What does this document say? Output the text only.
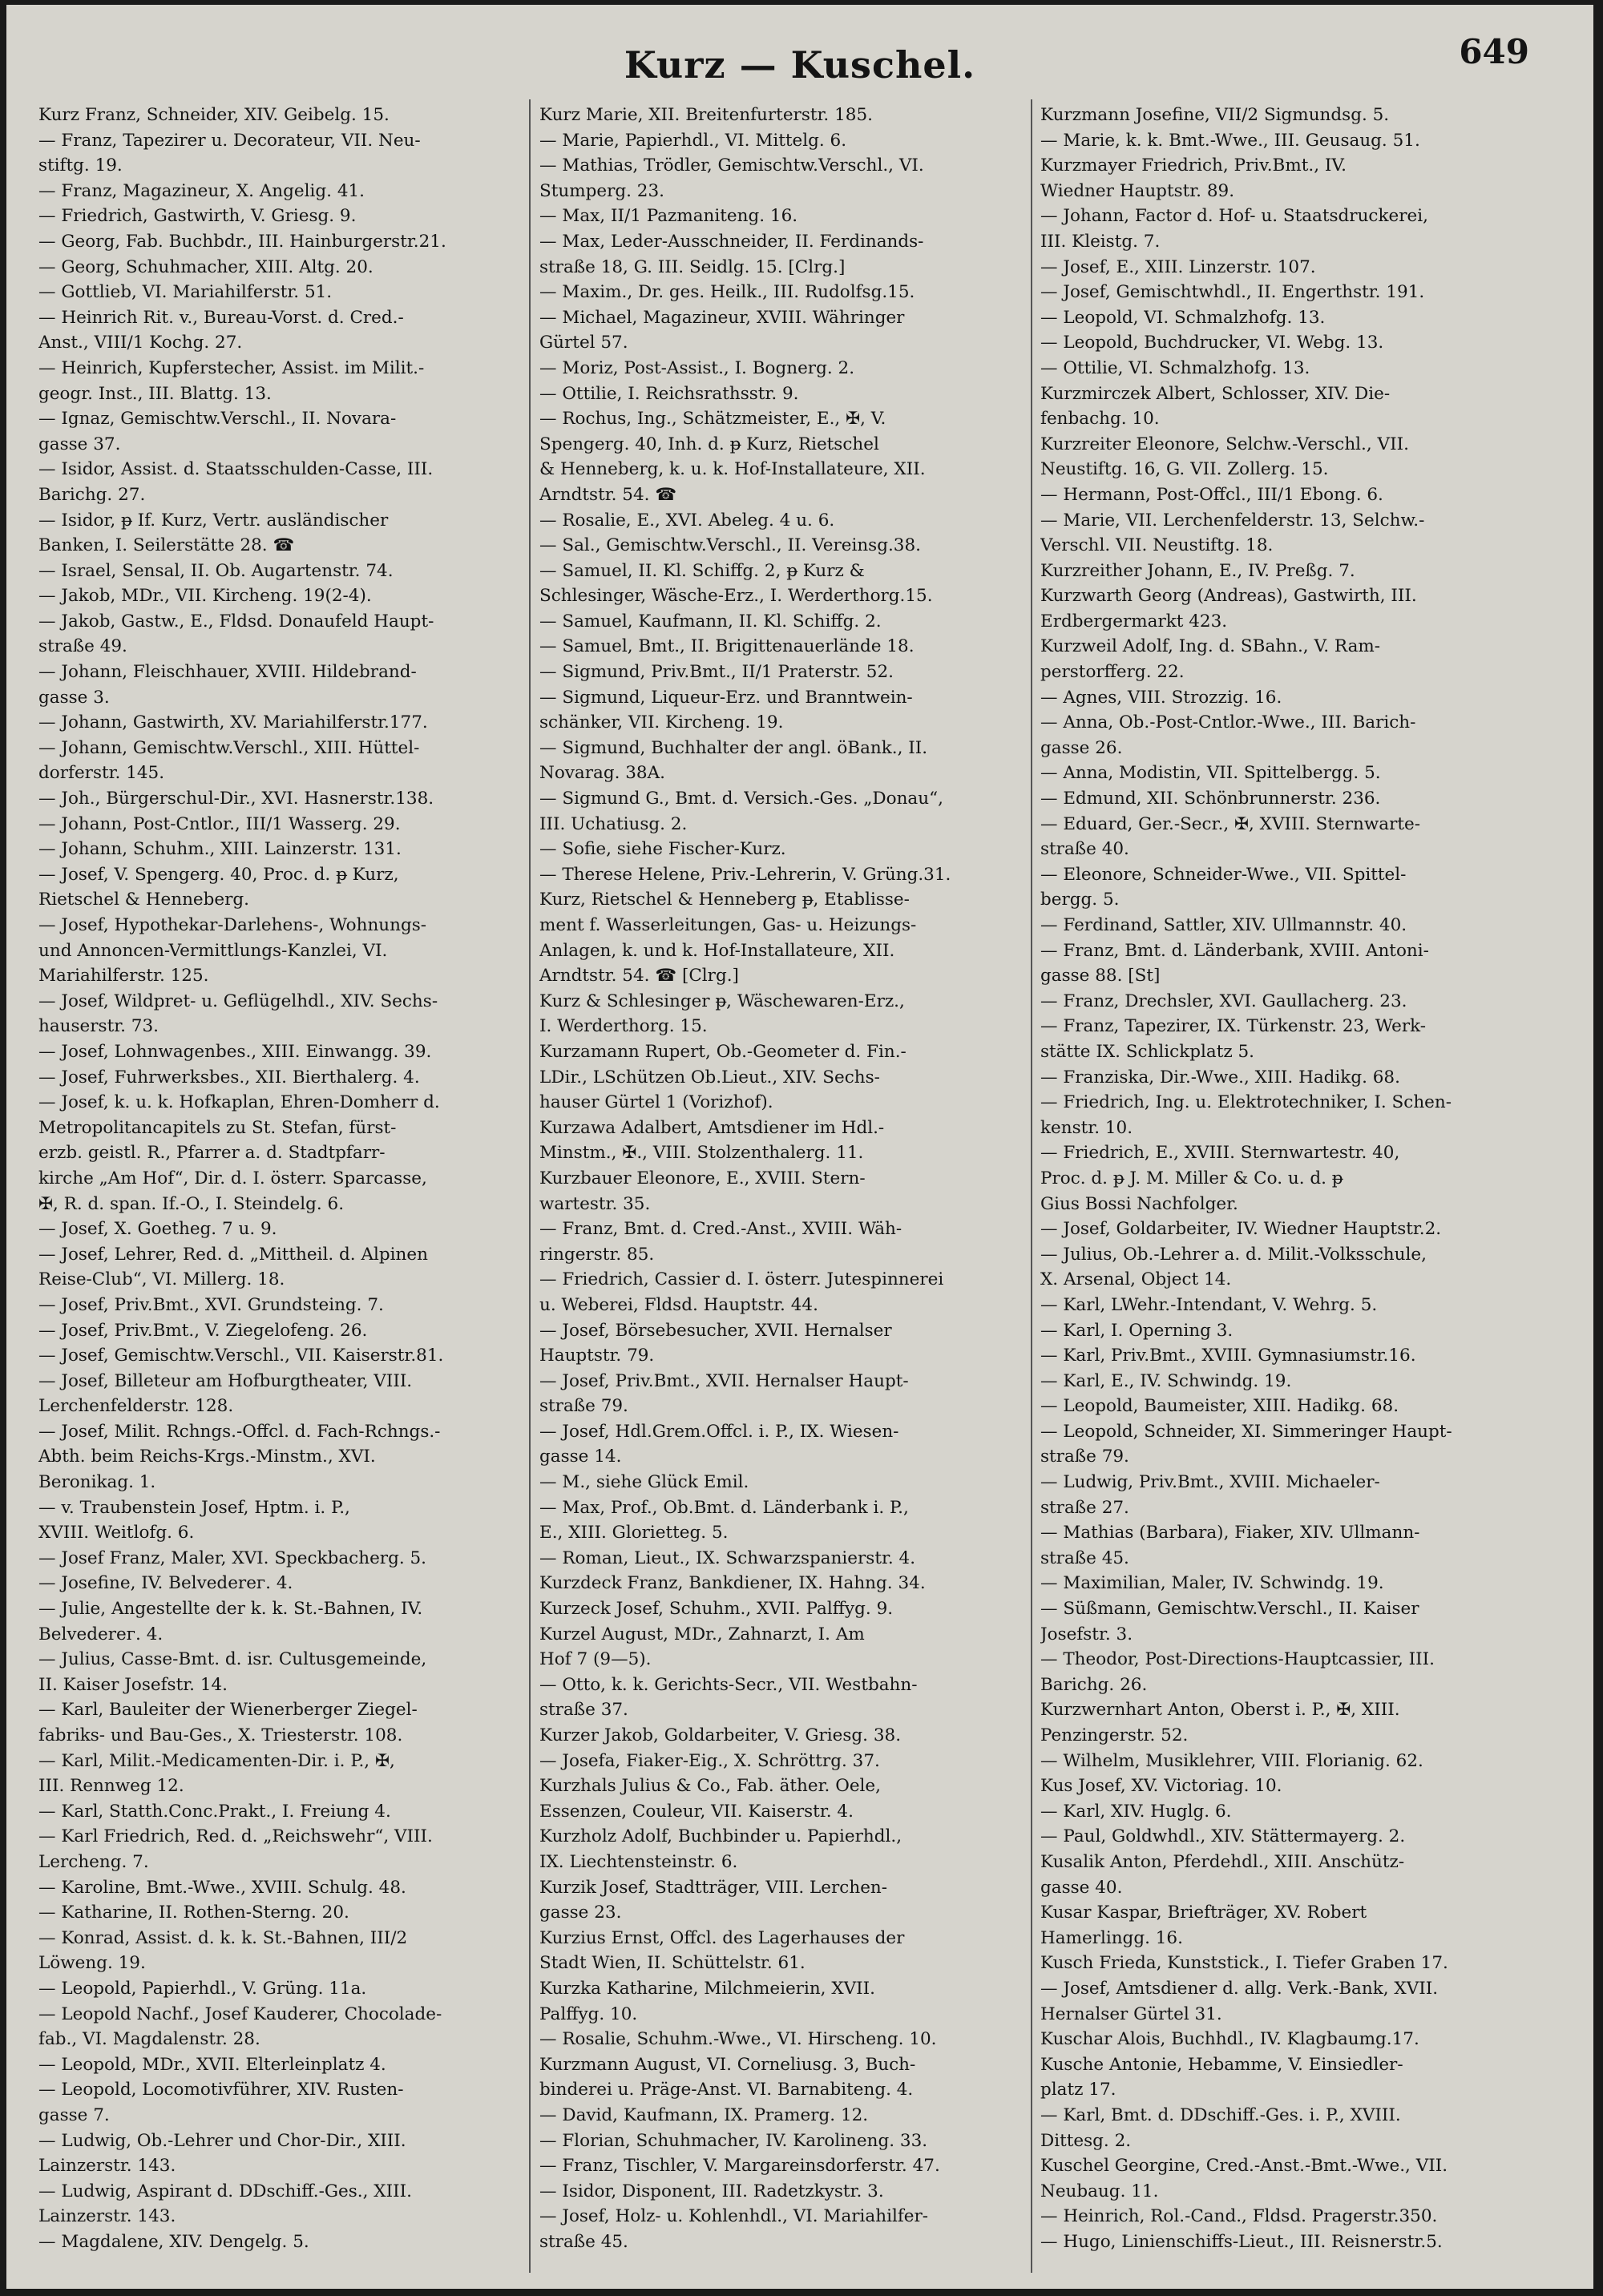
Kurz — Kuschel.	649
Kurz Franz, Schneider, XIV. Geibelg. 15.
— Franz, Tapezirer u. Decorateur, VII. Neu-
stiftg. 19.
— Franz, Magazineur, X. Angelig. 41.
— Friedrich, Gastwirth, V. Griesg. 9.
— Georg, Fab. Buchbdr., III. Hainburgerstr.21.
— Georg, Schuhmacher, XIII. Altg. 20.
— Gottlieb, VI. Mariahilferstr. 51.
— Heinrich Rit. v., Bureau-Vorst. d. Cred.-
Anst., VIII/1 Kochg. 27.
— Heinrich, Kupferstecher, Assist. im Milit.-
geogr. Inst., III. Blattg. 13.
— Ignaz, Gemischtw.Verschl., II. Novara-
gasse 37.
— Isidor, Assist. d. Staatsschulden-Casse, III.
Barichg. 27.
— Isidor, ᵽ If. Kurz, Vertr. ausländischer
Banken, I. Seilerstätte 28. ☎
— Israel, Sensal, II. Ob. Augartenstr. 74.
— Jakob, MDr., VII. Kircheng. 19(2-4).
— Jakob, Gastw., E., Fldsd. Donaufeld Haupt-
straße 49.
— Johann, Fleischhauer, XVIII. Hildebrand-
gasse 3.
— Johann, Gastwirth, XV. Mariahilferstr.177.
— Johann, Gemischtw.Verschl., XIII. Hüttel-
dorferstr. 145.
— Joh., Bürgerschul-Dir., XVI. Hasnerstr.138.
— Johann, Post-Cntlor., III/1 Wasserg. 29.
— Johann, Schuhm., XIII. Lainzerstr. 131.
— Josef, V. Spengerg. 40, Proc. d. ᵽ Kurz,
Rietschel & Henneberg.
— Josef, Hypothekar-Darlehens-, Wohnungs-
und Annoncen-Vermittlungs-Kanzlei, VI.
Mariahilferstr. 125.
— Josef, Wildpret- u. Geflügelhdl., XIV. Sechs-
hauserstr. 73.
— Josef, Lohnwagenbes., XIII. Einwangg. 39.
— Josef, Fuhrwerksbes., XII. Bierthalerg. 4.
— Josef, k. u. k. Hofkaplan, Ehren-Domherr d.
Metropolitancapitels zu St. Stefan, fürst-
erzb. geistl. R., Pfarrer a. d. Stadtpfarr-
kirche „Am Hof“, Dir. d. I. österr. Sparcasse,
✠, R. d. span. If.-O., I. Steindelg. 6.
— Josef, X. Goetheg. 7 u. 9.
— Josef, Lehrer, Red. d. „Mittheil. d. Alpinen
Reise-Club“, VI. Millerg. 18.
— Josef, Priv.Bmt., XVI. Grundsteing. 7.
— Josef, Priv.Bmt., V. Ziegelofeng. 26.
— Josef, Gemischtw.Verschl., VII. Kaiserstr.81.
— Josef, Billeteur am Hofburgtheater, VIII.
Lerchenfelderstr. 128.
— Josef, Milit. Rchngs.-Offcl. d. Fach-Rchngs.-
Abth. beim Reichs-Krgs.-Minstm., XVI.
Beronikag. 1.
— v. Traubenstein Josef, Hptm. i. P.,
XVIII. Weitlofg. 6.
— Josef Franz, Maler, XVI. Speckbacherg. 5.
— Josefine, IV. Belvederег. 4.
— Julie, Angestellte der k. k. St.-Bahnen, IV.
Belvederег. 4.
— Julius, Casse-Bmt. d. isr. Cultusgemeinde,
II. Kaiser Josefstr. 14.
— Karl, Bauleiter der Wienerberger Ziegel-
fabriks- und Bau-Ges., X. Triesterstr. 108.
— Karl, Milit.-Medicamenten-Dir. i. P., ✠,
III. Rennweg 12.
— Karl, Statth.Conc.Prakt., I. Freiung 4.
— Karl Friedrich, Red. d. „Reichswehr“, VIII.
Lercheng. 7.
— Karoline, Bmt.-Wwe., XVIII. Schulg. 48.
— Katharine, II. Rothen-Sterng. 20.
— Konrad, Assist. d. k. k. St.-Bahnen, III/2
Löweng. 19.
— Leopold, Papierhdl., V. Grüng. 11a.
— Leopold Nachf., Josef Kauderer, Chocolade-
fab., VI. Magdalenstr. 28.
— Leopold, MDr., XVII. Elterleinplatz 4.
— Leopold, Locomotivführer, XIV. Rusten-
gasse 7.
— Ludwig, Ob.-Lehrer und Chor-Dir., XIII.
Lainzerstr. 143.
— Ludwig, Aspirant d. DDschiff.-Ges., XIII.
Lainzerstr. 143.
— Magdalene, XIV. Dengelg. 5.
Kurz Marie, XII. Breitenfurterstr. 185.
— Marie, Papierhdl., VI. Mittelg. 6.
— Mathias, Trödler, Gemischtw.Verschl., VI.
Stumperg. 23.
— Max, II/1 Pazmaniteng. 16.
— Max, Leder-Ausschneider, II. Ferdinands-
straße 18, G. III. Seidlg. 15. [Clrg.]
— Maxim., Dr. ges. Heilk., III. Rudolfsg.15.
— Michael, Magazineur, XVIII. Währinger
Gürtel 57.
— Moriz, Post-Assist., I. Bognerg. 2.
— Ottilie, I. Reichsrathsstr. 9.
— Rochus, Ing., Schätzmeister, E., ✠, V.
Spengerg. 40, Inh. d. ᵽ Kurz, Rietschel
& Henneberg, k. u. k. Hof-Installateure, XII.
Arndtstr. 54. ☎
— Rosalie, E., XVI. Abeleg. 4 u. 6.
— Sal., Gemischtw.Verschl., II. Vereinsg.38.
— Samuel, II. Kl. Schiffg. 2, ᵽ Kurz &
Schlesinger, Wäsche-Erz., I. Werderthorg.15.
— Samuel, Kaufmann, II. Kl. Schiffg. 2.
— Samuel, Bmt., II. Brigittenauerlände 18.
— Sigmund, Priv.Bmt., II/1 Praterstr. 52.
— Sigmund, Liqueur-Erz. und Branntwein-
schänker, VII. Kircheng. 19.
— Sigmund, Buchhalter der angl. öBank., II.
Novarag. 38A.
— Sigmund G., Bmt. d. Versich.-Ges. „Donau“,
III. Uchatiusg. 2.
— Sofie, siehe Fischer-Kurz.
— Therese Helene, Priv.-Lehrerin, V. Grüng.31.
Kurz, Rietschel & Henneberg ᵽ, Etablisse-
ment f. Wasserleitungen, Gas- u. Heizungs-
Anlagen, k. und k. Hof-Installateure, XII.
Arndtstr. 54. ☎ [Clrg.]
Kurz & Schlesinger ᵽ, Wäschewaren-Erz.,
I. Werderthorg. 15.
Kurzamann Rupert, Ob.-Geometer d. Fin.-
LDir., LSchützen Ob.Lieut., XIV. Sechs-
hauser Gürtel 1 (Vorizhof).
Kurzawa Adalbert, Amtsdiener im Hdl.-
Minstm., ✠., VIII. Stolzenthalerg. 11.
Kurzbauer Eleonore, E., XVIII. Stern-
wartestr. 35.
— Franz, Bmt. d. Cred.-Anst., XVIII. Wäh-
ringerstr. 85.
— Friedrich, Cassier d. I. österr. Jutespinnerei
u. Weberei, Fldsd. Hauptstr. 44.
— Josef, Börsebesucher, XVII. Hernalser
Hauptstr. 79.
— Josef, Priv.Bmt., XVII. Hernalser Haupt-
straße 79.
— Josef, Hdl.Grem.Offcl. i. P., IX. Wiesen-
gasse 14.
— M., siehe Glück Emil.
— Max, Prof., Ob.Bmt. d. Länderbank i. P.,
E., XIII. Glorietteg. 5.
— Roman, Lieut., IX. Schwarzspanierstr. 4.
Kurzdeck Franz, Bankdiener, IX. Hahng. 34.
Kurzeck Josef, Schuhm., XVII. Palffyg. 9.
Kurzel August, MDr., Zahnarzt, I. Am
Hof 7 (9—5).
— Otto, k. k. Gerichts-Secr., VII. Westbahn-
straße 37.
Kurzer Jakob, Goldarbeiter, V. Griesg. 38.
— Josefa, Fiaker-Eig., X. Schröttrg. 37.
Kurzhals Julius & Co., Fab. äther. Oele,
Essenzen, Couleur, VII. Kaiserstr. 4.
Kurzholz Adolf, Buchbinder u. Papierhdl.,
IX. Liechtensteinstr. 6.
Kurzik Josef, Stadtträger, VIII. Lerchen-
gasse 23.
Kurzius Ernst, Offcl. des Lagerhauses der
Stadt Wien, II. Schüttelstr. 61.
Kurzka Katharine, Milchmeierin, XVII.
Palffyg. 10.
— Rosalie, Schuhm.-Wwe., VI. Hirscheng. 10.
Kurzmann August, VI. Corneliusg. 3, Buch-
binderei u. Präge-Anst. VI. Barnabiteng. 4.
— David, Kaufmann, IX. Pramerg. 12.
— Florian, Schuhmacher, IV. Karolineng. 33.
— Franz, Tischler, V. Margareinsdorferstr. 47.
— Isidor, Disponent, III. Radetzkystr. 3.
— Josef, Holz- u. Kohlenhdl., VI. Mariahilfer-
straße 45.
Kurzmann Josefine, VII/2 Sigmundsg. 5.
— Marie, k. k. Bmt.-Wwe., III. Geusaug. 51.
Kurzmayer Friedrich, Priv.Bmt., IV.
Wiedner Hauptstr. 89.
— Johann, Factor d. Hof- u. Staatsdruckerei,
III. Kleistg. 7.
— Josef, E., XIII. Linzerstr. 107.
— Josef, Gemischtwhdl., II. Engerthstr. 191.
— Leopold, VI. Schmalzhofg. 13.
— Leopold, Buchdrucker, VI. Webg. 13.
— Ottilie, VI. Schmalzhofg. 13.
Kurzmirczek Albert, Schlosser, XIV. Die-
fenbachg. 10.
Kurzreiter Eleonore, Selchw.-Verschl., VII.
Neustiftg. 16, G. VII. Zollerg. 15.
— Hermann, Post-Offcl., III/1 Ebong. 6.
— Marie, VII. Lerchenfelderstr. 13, Selchw.-
Verschl. VII. Neustiftg. 18.
Kurzreither Johann, E., IV. Preßg. 7.
Kurzwarth Georg (Andreas), Gastwirth, III.
Erdbergermarkt 423.
Kurzweil Adolf, Ing. d. SBahn., V. Ram-
perstorfferg. 22.
— Agnes, VIII. Strozzig. 16.
— Anna, Ob.-Post-Cntlor.-Wwe., III. Barich-
gasse 26.
— Anna, Modistin, VII. Spittelbergg. 5.
— Edmund, XII. Schönbrunnerstr. 236.
— Eduard, Ger.-Secr., ✠, XVIII. Sternwarte-
straße 40.
— Eleonore, Schneider-Wwe., VII. Spittel-
bergg. 5.
— Ferdinand, Sattler, XIV. Ullmannstr. 40.
— Franz, Bmt. d. Länderbank, XVIII. Antoni-
gasse 88. [St]
— Franz, Drechsler, XVI. Gaullacherg. 23.
— Franz, Tapezirer, IX. Türkenstr. 23, Werk-
stätte IX. Schlickplatz 5.
— Franziska, Dir.-Wwe., XIII. Hadikg. 68.
— Friedrich, Ing. u. Elektrotechniker, I. Schen-
kenstr. 10.
— Friedrich, E., XVIII. Sternwartestr. 40,
Proc. d. ᵽ J. M. Miller & Co. u. d. ᵽ
Gius Bossi Nachfolger.
— Josef, Goldarbeiter, IV. Wiedner Hauptstr.2.
— Julius, Ob.-Lehrer a. d. Milit.-Volksschule,
X. Arsenal, Object 14.
— Karl, LWehr.-Intendant, V. Wehrg. 5.
— Karl, I. Operning 3.
— Karl, Priv.Bmt., XVIII. Gymnasiumstr.16.
— Karl, E., IV. Schwindg. 19.
— Leopold, Baumeister, XIII. Hadikg. 68.
— Leopold, Schneider, XI. Simmeringer Haupt-
straße 79.
— Ludwig, Priv.Bmt., XVIII. Michaeler-
straße 27.
— Mathias (Barbara), Fiaker, XIV. Ullmann-
straße 45.
— Maximilian, Maler, IV. Schwindg. 19.
— Süßmann, Gemischtw.Verschl., II. Kaiser
Josefstr. 3.
— Theodor, Post-Directions-Hauptcassier, III.
Barichg. 26.
Kurzwernhart Anton, Oberst i. P., ✠, XIII.
Penzingerstr. 52.
— Wilhelm, Musiklehrer, VIII. Florianig. 62.
Kus Josef, XV. Victoriag. 10.
— Karl, XIV. Huglg. 6.
— Paul, Goldwhdl., XIV. Stättermayerg. 2.
Kusalik Anton, Pferdehdl., XIII. Anschütz-
gasse 40.
Kusar Kaspar, Briefträger, XV. Robert
Hamerlingg. 16.
Kusch Frieda, Kunststick., I. Tiefer Graben 17.
— Josef, Amtsdiener d. allg. Verk.-Bank, XVII.
Hernalser Gürtel 31.
Kuschar Alois, Buchhdl., IV. Klagbaumg.17.
Kusche Antonie, Hebamme, V. Einsiedler-
platz 17.
— Karl, Bmt. d. DDschiff.-Ges. i. P., XVIII.
Dittesg. 2.
Kuschel Georgine, Cred.-Anst.-Bmt.-Wwe., VII.
Neubaug. 11.
— Heinrich, Rol.-Cand., Fldsd. Pragerstr.350.
— Hugo, Linienschiffs-Lieut., III. Reisnerstr.5.
